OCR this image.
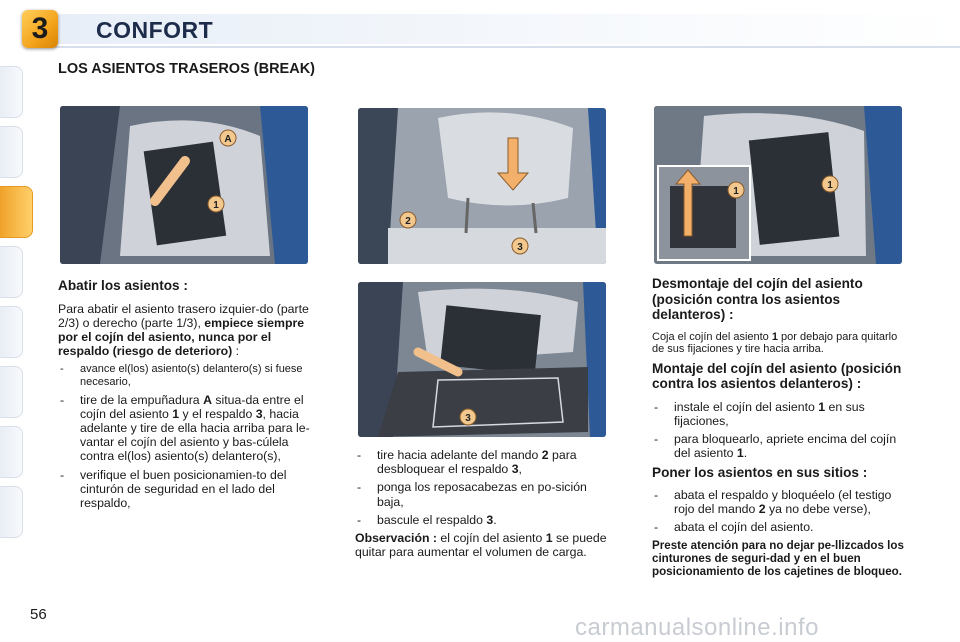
3	CONFORT
LOS ASIENTOS TRASEROS (BREAK)
A
1
2
3
3
1
1
Abatir los asientos :

Para abatir el asiento trasero izquier-do (parte 2/3) o derecho (parte 1/3), empiece siempre por el cojín del asiento, nunca por el respaldo (riesgo de deterioro) :

- avance el(los) asiento(s) delantero(s) si fuese necesario,
- tire de la empuñadura A situa-da entre el cojín del asiento 1 y el respaldo 3, hacia adelante y tire de ella hacia arriba para le-vantar el cojín del asiento y bas-cúlela contra el(los) asiento(s) delantero(s),
- verifique el buen posicionamien-to del cinturón de seguridad en el lado del respaldo,
- tire hacia adelante del mando 2 para desbloquear el respaldo 3,
- ponga los reposacabezas en po-sición baja,
- bascule el respaldo 3.

Observación : el cojín del asiento 1 se puede quitar para aumentar el volumen de carga.

Desmontaje del cojín del asiento (posición contra los asientos delanteros) :

Coja el cojín del asiento 1 por debajo para quitarlo de sus fijaciones y tire hacia arriba.

Montaje del cojín del asiento (posición contra los asientos delanteros) :
- instale el cojín del asiento 1 en sus fijaciones,
- para bloquearlo, apriete encima del cojín del asiento 1.
Poner los asientos en sus sitios :
- abata el respaldo y bloquéelo (el testigo rojo del mando 2 ya no debe verse),
- abata el cojín del asiento.

Preste atención para no dejar pe-llizcados los cinturones de seguri-dad y en el buen posicionamiento de los cajetines de bloqueo.

56	carmanualsonline.info
